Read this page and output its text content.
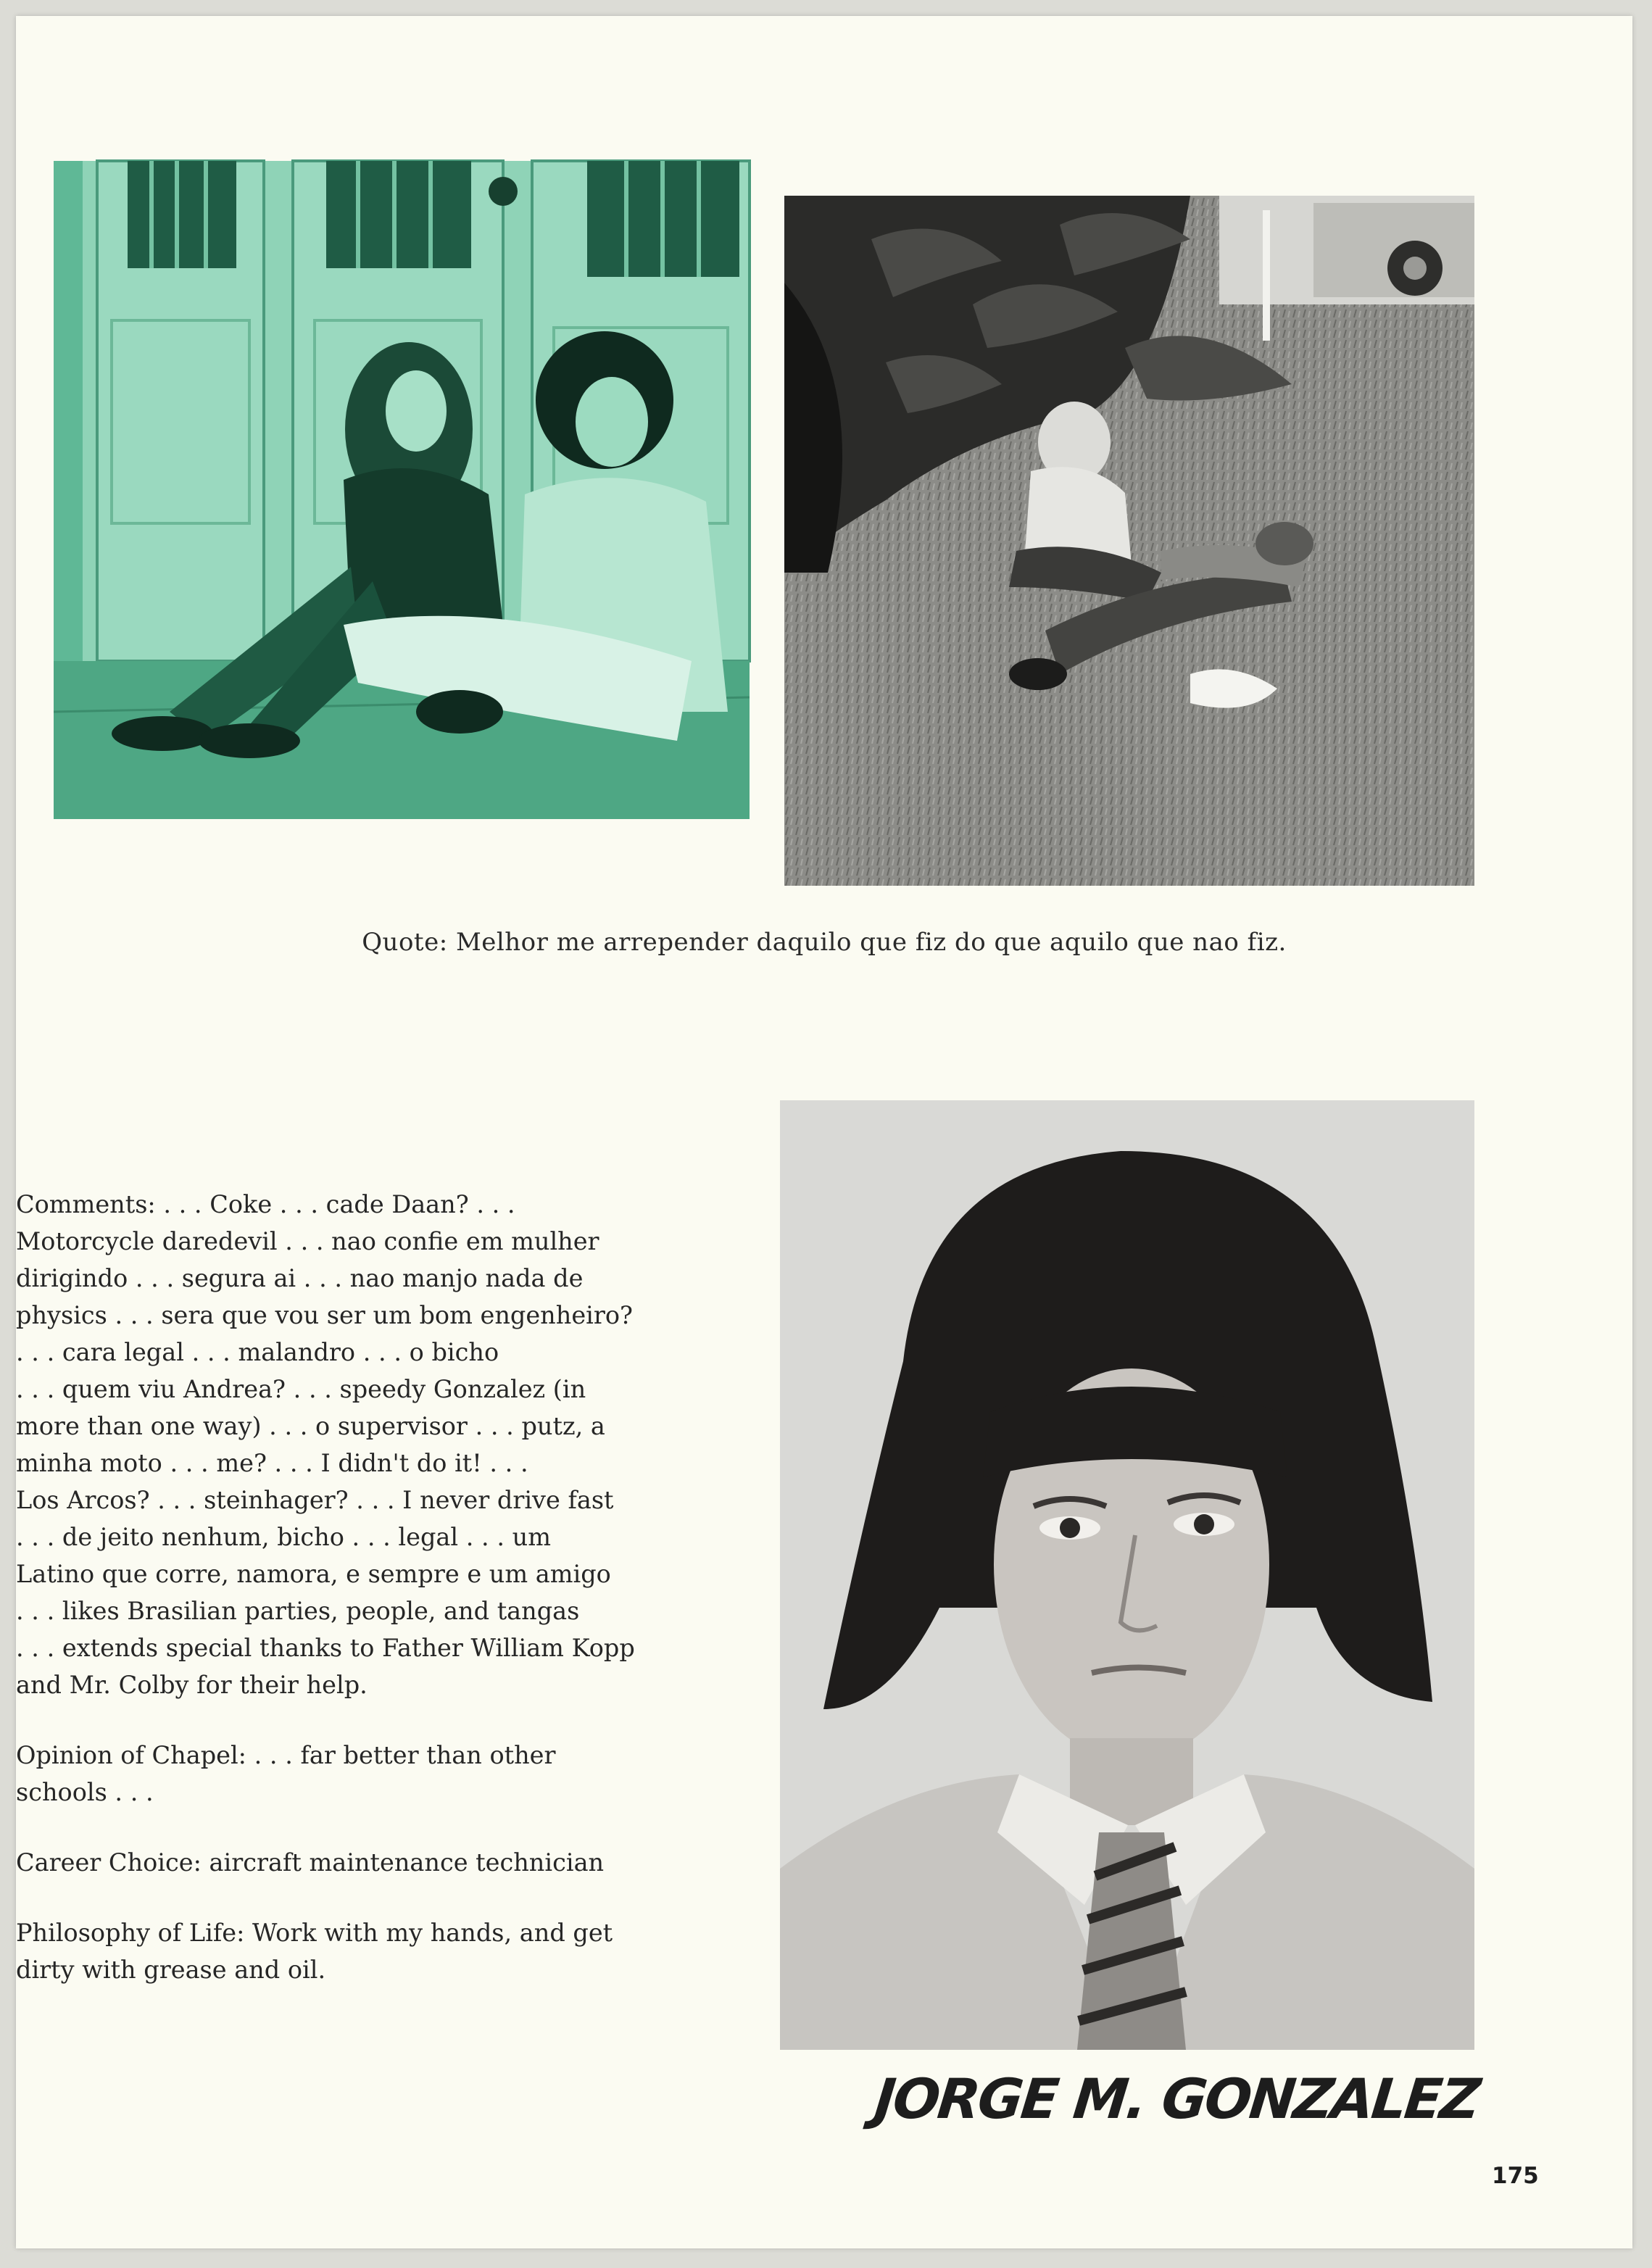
Quote: Melhor me arrepender daquilo que fiz do que aquilo que nao fiz.

Comments: . . . Coke . . . cade Daan? . . .
Motorcycle daredevil . . . nao confie em mulher
dirigindo . . . segura ai . . . nao manjo nada de
physics . . . sera que vou ser um bom engenheiro?
. . . cara legal . . . malandro . . . o bicho
. . . quem viu Andrea? . . . speedy Gonzalez (in
more than one way) . . . o supervisor . . . putz, a
minha moto . . . me? . . . I didn't do it! . . .
Los Arcos? . . . steinhager? . . . I never drive fast
. . . de jeito nenhum, bicho . . . legal . . . um
Latino que corre, namora, e sempre e um amigo
. . . likes Brasilian parties, people, and tangas
. . . extends special thanks to Father William Kopp
and Mr. Colby for their help.

Opinion of Chapel: . . . far better than other
schools . . .

Career Choice: aircraft maintenance technician

Philosophy of Life: Work with my hands, and get
dirty with grease and oil.

JORGE M. GONZALEZ
175
